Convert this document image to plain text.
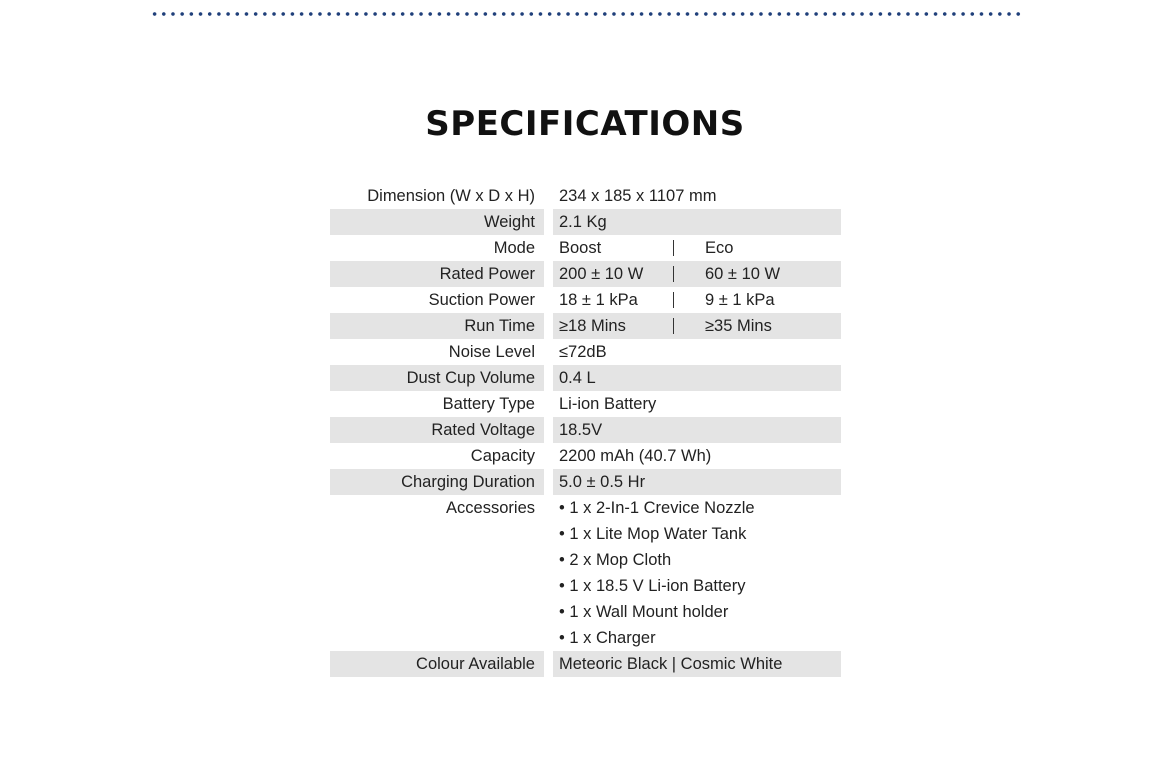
SPECIFICATIONS
Dimension (W x D x H)	234 x 185 x 1107 mm
Weight	2.1 Kg
Mode	Boost	Eco
Rated Power	200 ± 10 W	60 ± 10 W
Suction Power	18 ± 1 kPa	9 ± 1 kPa
Run Time	≥18 Mins	≥35 Mins
Noise Level	≤72dB
Dust Cup Volume	0.4 L
Battery Type	Li-ion Battery
Rated Voltage	18.5V
Capacity	2200 mAh (40.7 Wh)
Charging Duration	5.0 ± 0.5 Hr
Accessories	• 1 x 2-In-1 Crevice Nozzle
• 1 x Lite Mop Water Tank
• 2 x Mop Cloth
• 1 x 18.5 V Li-ion Battery
• 1 x Wall Mount holder
• 1 x Charger
Colour Available	Meteoric Black | Cosmic White
